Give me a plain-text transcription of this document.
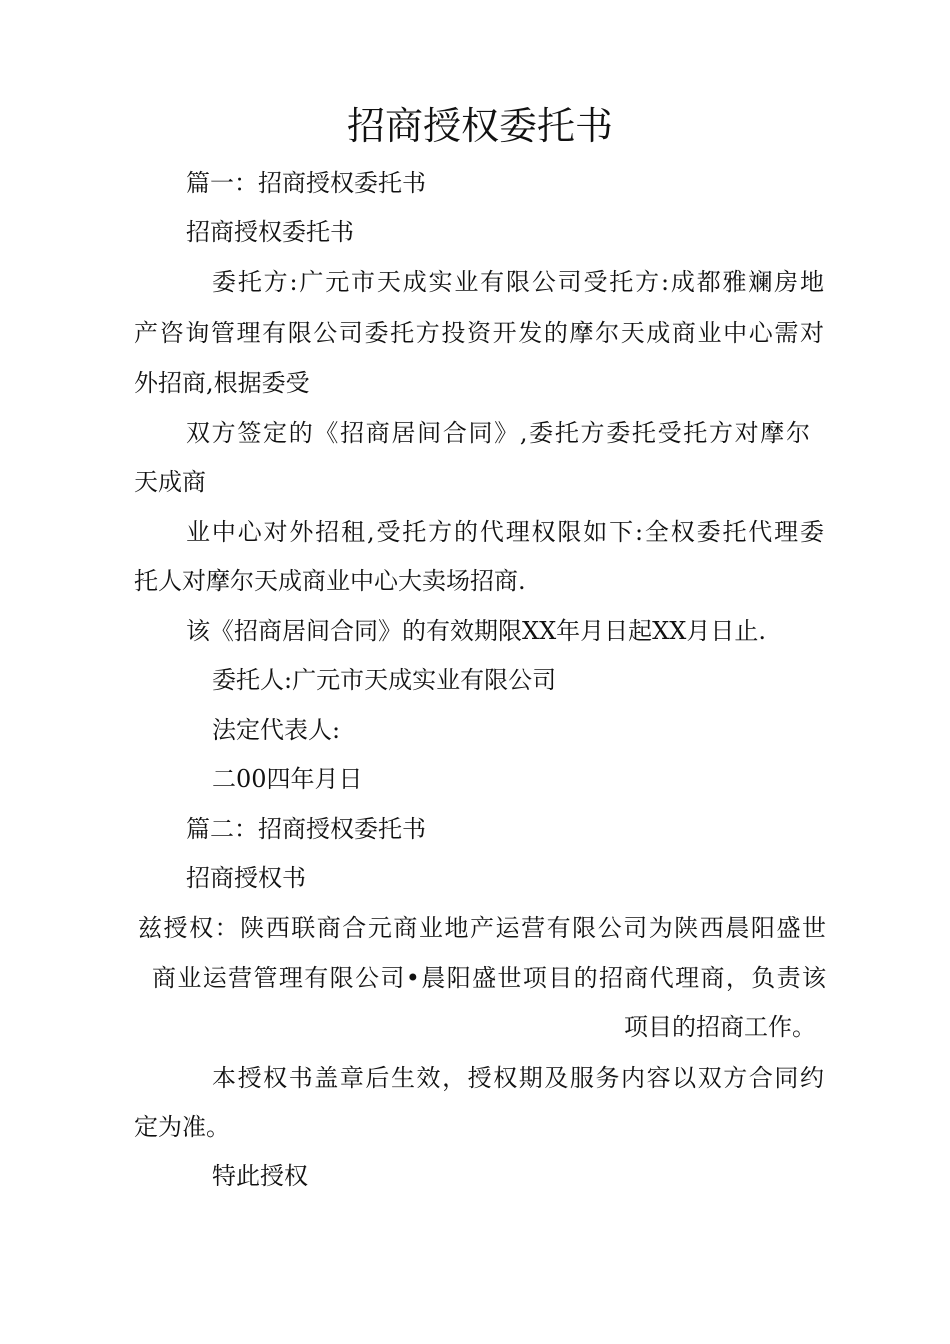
招商授权委托书
篇一：招商授权委托书
招商授权委托书
委托方:广元市天成实业有限公司受托方:成都雅斓房地
产咨询管理有限公司委托方投资开发的摩尔天成商业中心需对
外招商,根据委受
双方签定的《招商居间合同》,委托方委托受托方对摩尔
天成商
业中心对外招租,受托方的代理权限如下:全权委托代理委
托人对摩尔天成商业中心大卖场招商.
该《招商居间合同》的有效期限XX年月日起XX月日止.
委托人:广元市天成实业有限公司
法定代表人:
二00四年月日
篇二：招商授权委托书
招商授权书
兹授权：陕西联商合元商业地产运营有限公司为陕西晨阳盛世
商业运营管理有限公司•晨阳盛世项目的招商代理商，负责该
项目的招商工作。
本授权书盖章后生效，授权期及服务内容以双方合同约
定为准。
特此授权
